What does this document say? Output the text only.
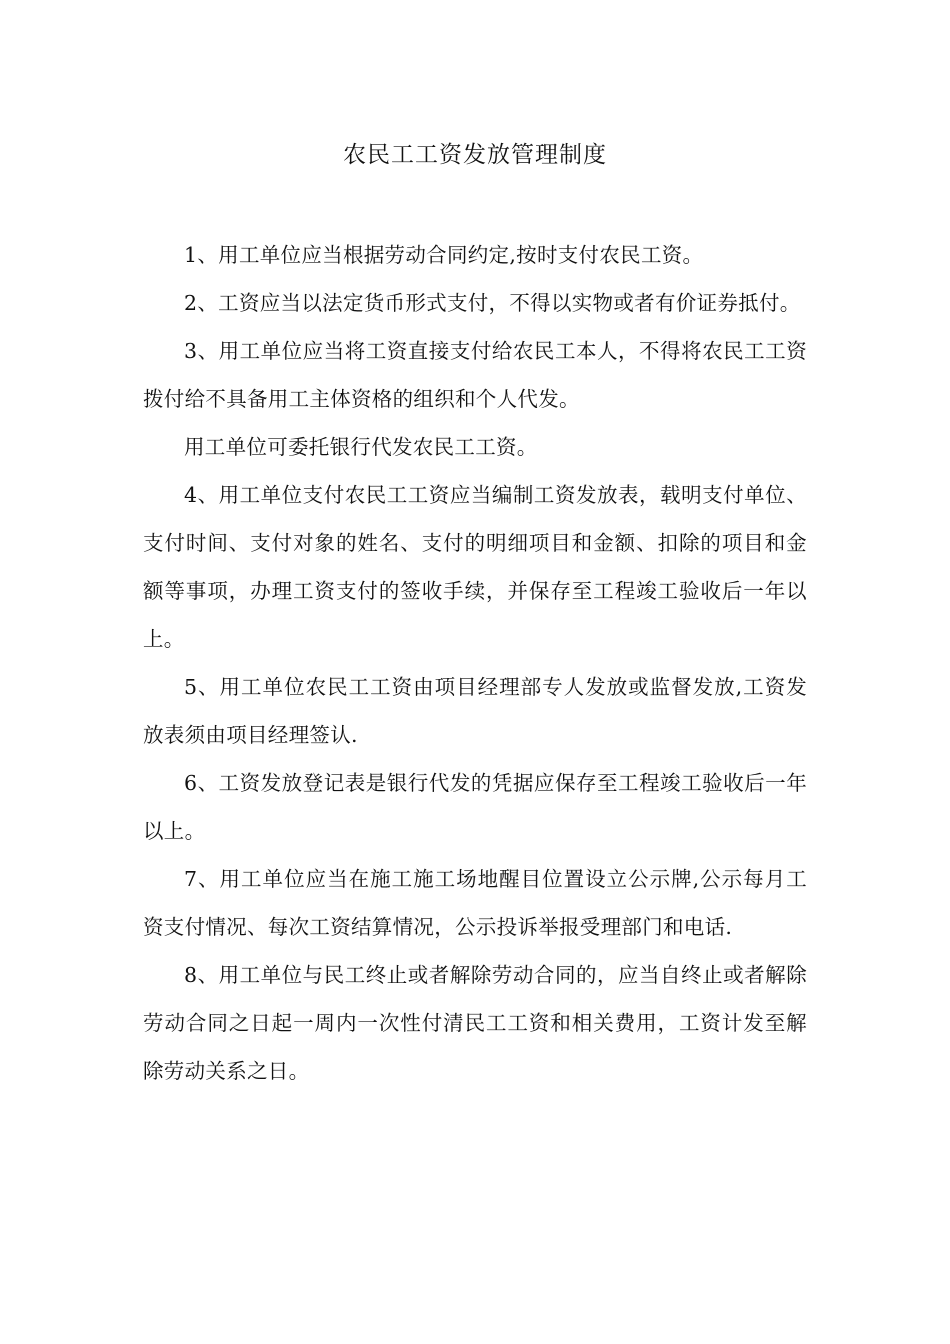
农民工工资发放管理制度

1、用工单位应当根据劳动合同约定,按时支付农民工资。

2、工资应当以法定货币形式支付，不得以实物或者有价证券抵付。

3、用工单位应当将工资直接支付给农民工本人，不得将农民工工资拨付给不具备用工主体资格的组织和个人代发。

用工单位可委托银行代发农民工工资。

4、用工单位支付农民工工资应当编制工资发放表，载明支付单位、支付时间、支付对象的姓名、支付的明细项目和金额、扣除的项目和金额等事项，办理工资支付的签收手续，并保存至工程竣工验收后一年以上。

5、用工单位农民工工资由项目经理部专人发放或监督发放,工资发放表须由项目经理签认.

6、工资发放登记表是银行代发的凭据应保存至工程竣工验收后一年以上。

7、用工单位应当在施工施工场地醒目位置设立公示牌,公示每月工资支付情况、每次工资结算情况，公示投诉举报受理部门和电话.

8、用工单位与民工终止或者解除劳动合同的，应当自终止或者解除劳动合同之日起一周内一次性付清民工工资和相关费用，工资计发至解除劳动关系之日。
